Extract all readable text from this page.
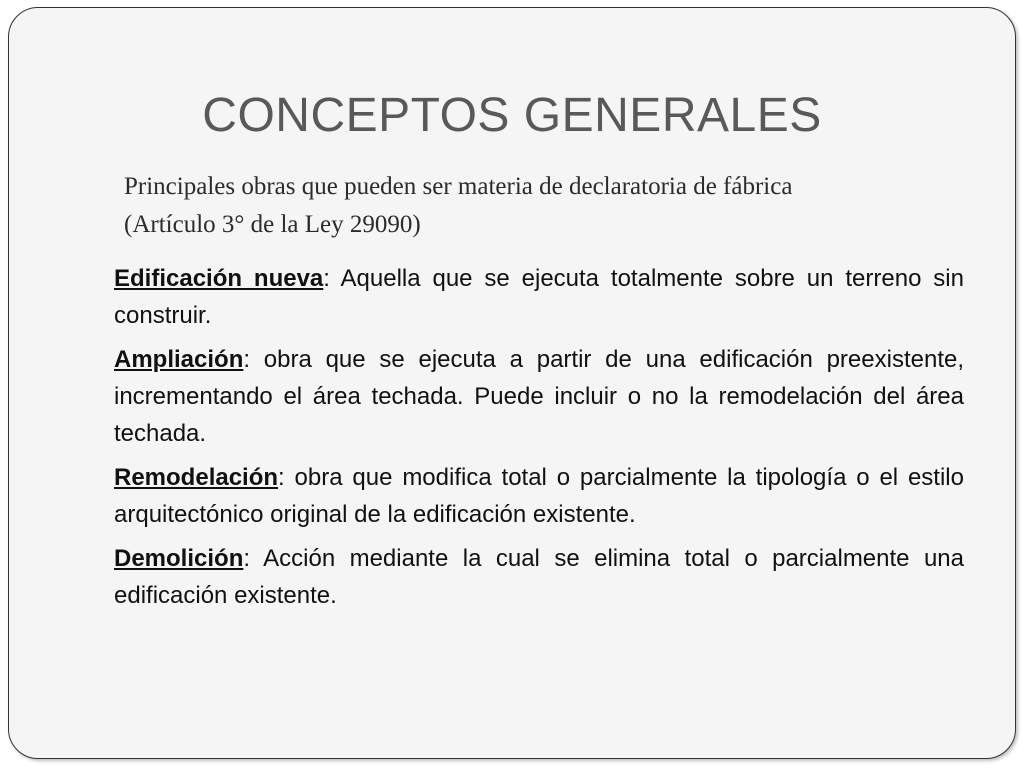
CONCEPTOS GENERALES

Principales obras que pueden ser materia de declaratoria de fábrica
(Artículo 3° de la Ley 29090)

Edificación nueva: Aquella que se ejecuta totalmente sobre un terreno sin construir.

Ampliación: obra que se ejecuta a partir de una edificación preexistente, incrementando el área techada. Puede incluir o no la remodelación del área techada.

Remodelación: obra que modifica total o parcialmente la tipología o el estilo arquitectónico original de la edificación existente.

Demolición: Acción mediante la cual se elimina total o parcialmente una edificación existente.
